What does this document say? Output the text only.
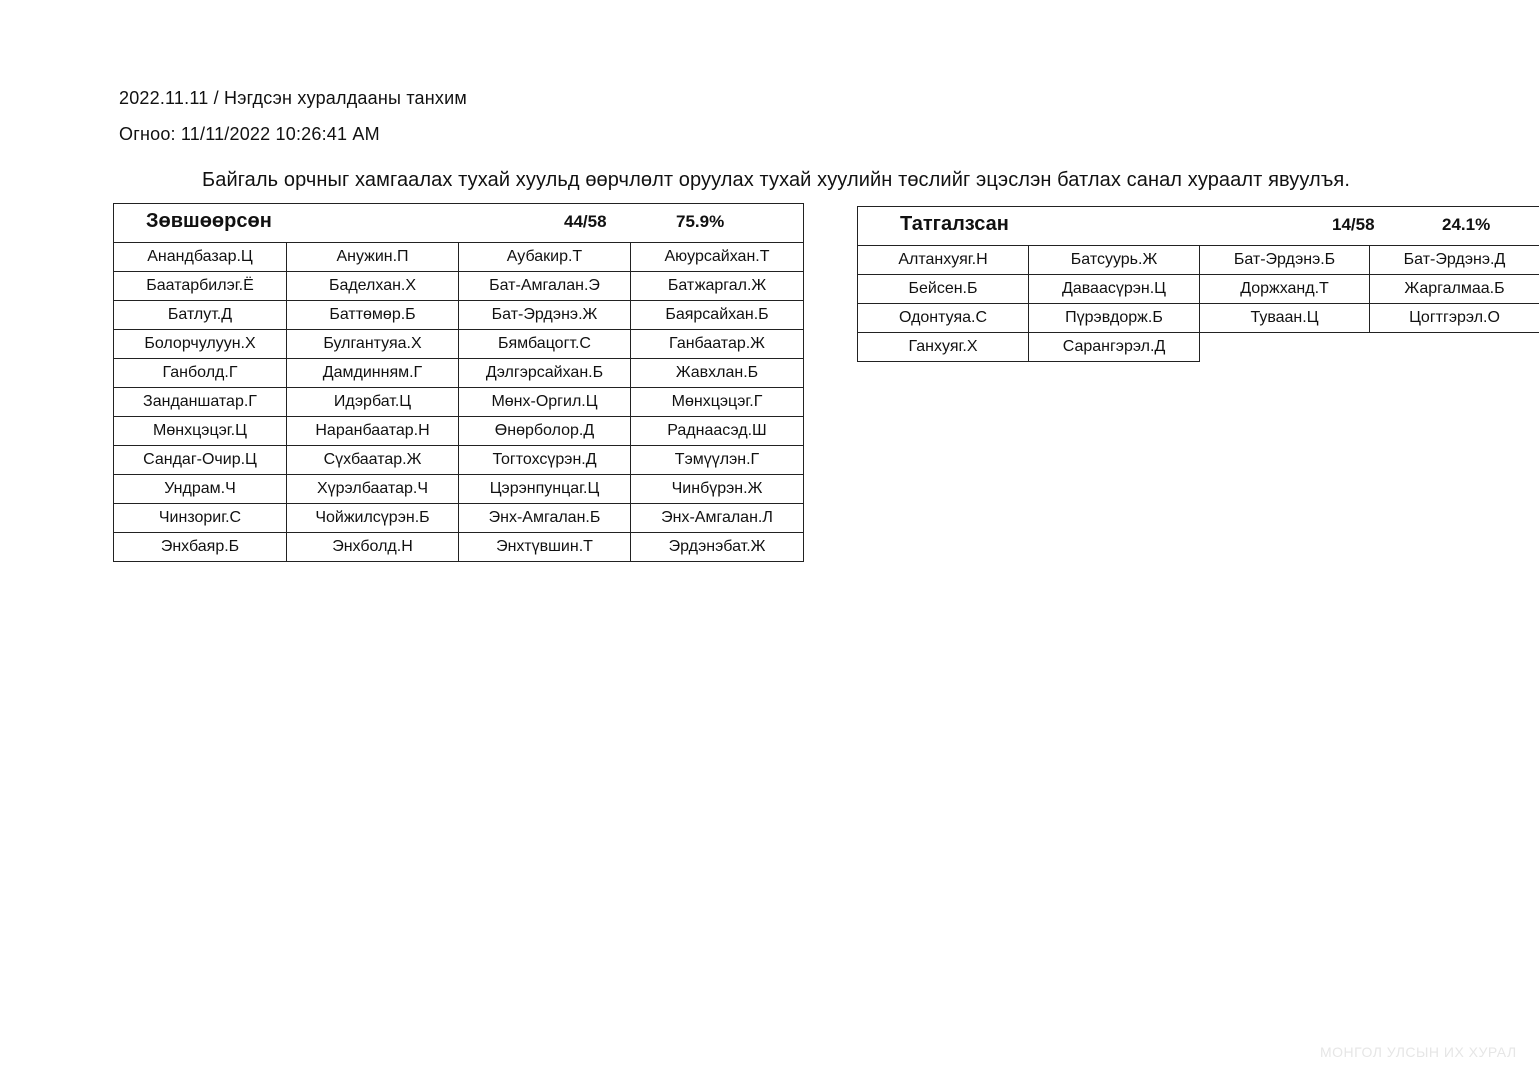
2022.11.11 / Нэгдсэн хуралдааны танхим
Огноо: 11/11/2022 10:26:41 AM
Байгаль орчныг хамгаалах тухай хуульд өөрчлөлт оруулах тухай хуулийн төслийг эцэслэн батлах санал хураалт явуулъя.
Зөвшөөрсөн 44/58 75.9%			

Анандбазар.Ц	Анужин.П	Аубакир.Т	Аюурсайхан.Т
Баатарбилэг.Ё	Баделхан.Х	Бат-Амгалан.Э	Батжаргал.Ж
Батлут.Д	Баттөмөр.Б	Бат-Эрдэнэ.Ж	Баярсайхан.Б
Болорчулуун.Х	Булгантуяа.Х	Бямбацогт.С	Ганбаатар.Ж
Ганболд.Г	Дамдинням.Г	Дэлгэрсайхан.Б	Жавхлан.Б
Занданшатар.Г	Идэрбат.Ц	Мөнх-Оргил.Ц	Мөнхцэцэг.Г
Мөнхцэцэг.Ц	Наранбаатар.Н	Өнөрболор.Д	Раднаасэд.Ш
Сандаг-Очир.Ц	Сүхбаатар.Ж	Тогтохсүрэн.Д	Тэмүүлэн.Г
Ундрам.Ч	Хүрэлбаатар.Ч	Цэрэнпунцаг.Ц	Чинбүрэн.Ж
Чинзориг.С	Чойжилсүрэн.Б	Энх-Амгалан.Б	Энх-Амгалан.Л
Энхбаяр.Б	Энхболд.Н	Энхтүвшин.Т	Эрдэнэбат.Ж
Татгалзсан 14/58 24.1%			

Алтанхуяг.Н	Батсуурь.Ж	Бат-Эрдэнэ.Б	Бат-Эрдэнэ.Д
Бейсен.Б	Даваасүрэн.Ц	Доржханд.Т	Жаргалмаа.Б
Одонтуяа.С	Пүрэвдорж.Б	Туваан.Ц	Цогтгэрэл.О
Ганхуяг.Х	Сарангэрэл.Д		
МОНГОЛ УЛСЫН ИХ ХУРАЛ
